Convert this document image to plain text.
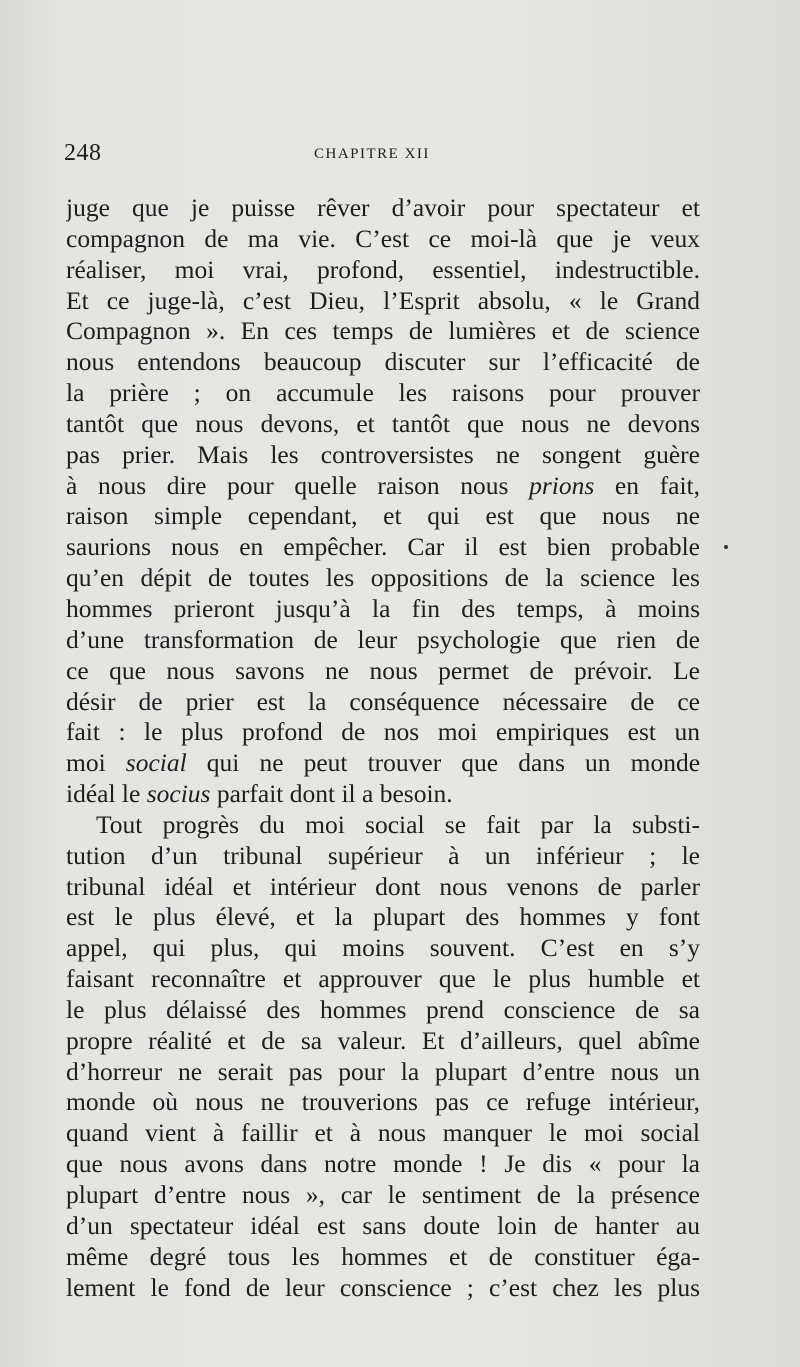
248	CHAPITRE XII
juge que je puisse rêver d’avoir pour spectateur et
compagnon de ma vie. C’est ce moi-là que je veux
réaliser, moi vrai, profond, essentiel, indestructible.
Et ce juge-là, c’est Dieu, l’Esprit absolu, « le Grand
Compagnon ». En ces temps de lumières et de science
nous entendons beaucoup discuter sur l’efficacité de
la prière ; on accumule les raisons pour prouver
tantôt que nous devons, et tantôt que nous ne devons
pas prier. Mais les controversistes ne songent guère
à nous dire pour quelle raison nous prions en fait,
raison simple cependant, et qui est que nous ne
saurions nous en empêcher. Car il est bien probable
qu’en dépit de toutes les oppositions de la science les
hommes prieront jusqu’à la fin des temps, à moins
d’une transformation de leur psychologie que rien de
ce que nous savons ne nous permet de prévoir. Le
désir de prier est la conséquence nécessaire de ce
fait : le plus profond de nos moi empiriques est un
moi social qui ne peut trouver que dans un monde
idéal le socius parfait dont il a besoin.
Tout progrès du moi social se fait par la substi-
tution d’un tribunal supérieur à un inférieur ; le
tribunal idéal et intérieur dont nous venons de parler
est le plus élevé, et la plupart des hommes y font
appel, qui plus, qui moins souvent. C’est en s’y
faisant reconnaître et approuver que le plus humble et
le plus délaissé des hommes prend conscience de sa
propre réalité et de sa valeur. Et d’ailleurs, quel abîme
d’horreur ne serait pas pour la plupart d’entre nous un
monde où nous ne trouverions pas ce refuge intérieur,
quand vient à faillir et à nous manquer le moi social
que nous avons dans notre monde ! Je dis « pour la
plupart d’entre nous », car le sentiment de la présence
d’un spectateur idéal est sans doute loin de hanter au
même degré tous les hommes et de constituer éga-
lement le fond de leur conscience ; c’est chez les plus
